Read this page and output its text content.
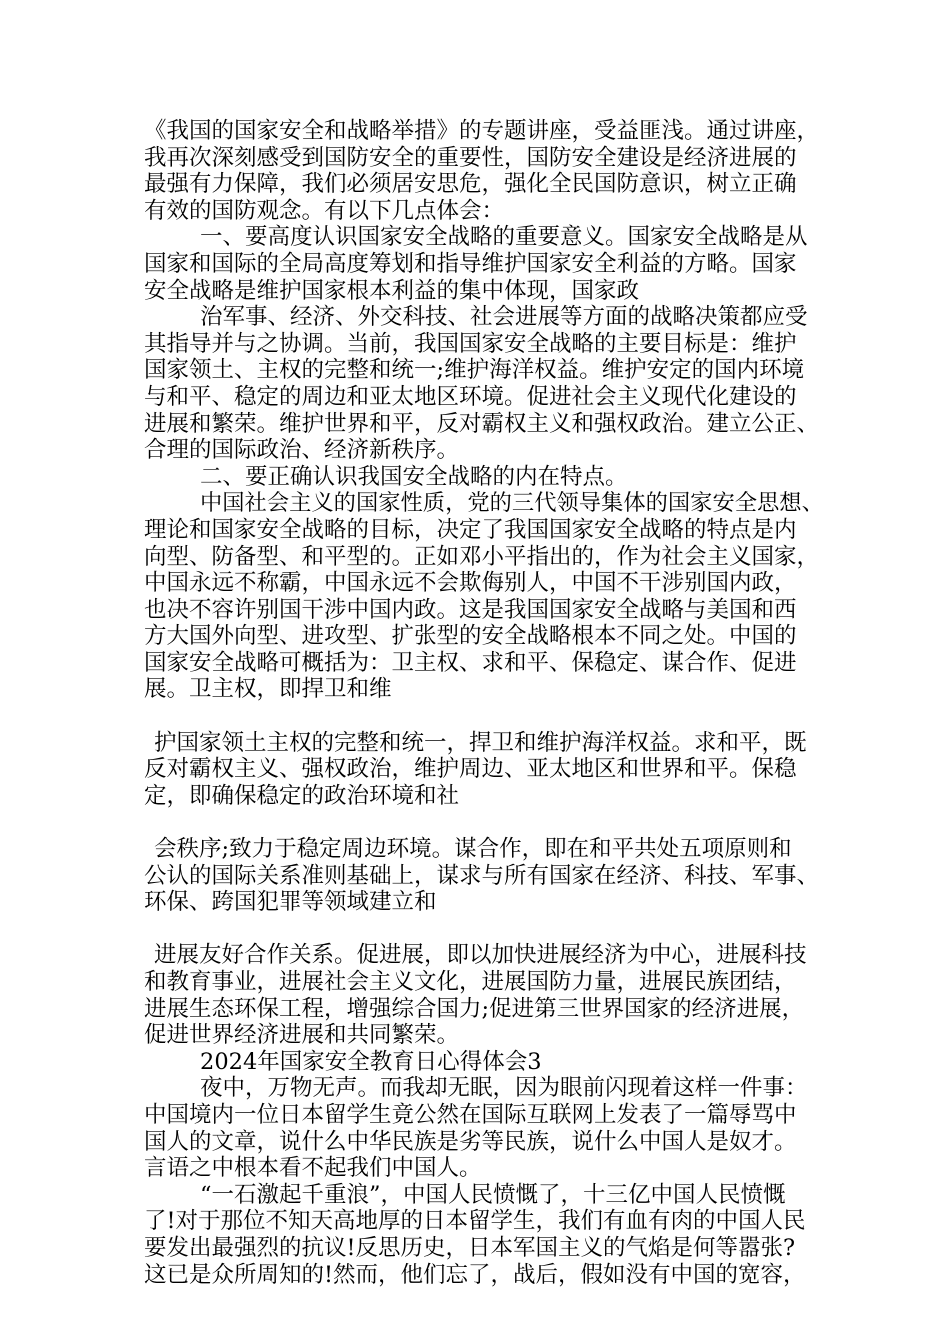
《我国的国家安全和战略举措》的专题讲座，受益匪浅。通过讲座，
我再次深刻感受到国防安全的重要性，国防安全建设是经济进展的
最强有力保障，我们必须居安思危，强化全民国防意识，树立正确
有效的国防观念。有以下几点体会：
一、要高度认识国家安全战略的重要意义。国家安全战略是从
国家和国际的全局高度筹划和指导维护国家安全利益的方略。国家
安全战略是维护国家根本利益的集中体现，国家政
治军事、经济、外交科技、社会进展等方面的战略决策都应受
其指导并与之协调。当前，我国国家安全战略的主要目标是：维护
国家领土、主权的完整和统一;维护海洋权益。维护安定的国内环境
与和平、稳定的周边和亚太地区环境。促进社会主义现代化建设的
进展和繁荣。维护世界和平，反对霸权主义和强权政治。建立公正、
合理的国际政治、经济新秩序。
二、要正确认识我国安全战略的内在特点。
中国社会主义的国家性质，党的三代领导集体的国家安全思想、
理论和国家安全战略的目标，决定了我国国家安全战略的特点是内
向型、防备型、和平型的。正如邓小平指出的，作为社会主义国家，
中国永远不称霸，中国永远不会欺侮别人，中国不干涉别国内政，
也决不容许别国干涉中国内政。这是我国国家安全战略与美国和西
方大国外向型、进攻型、扩张型的安全战略根本不同之处。中国的
国家安全战略可概括为：卫主权、求和平、保稳定、谋合作、促进
展。卫主权，即捍卫和维
护国家领土主权的完整和统一，捍卫和维护海洋权益。求和平，既
反对霸权主义、强权政治，维护周边、亚太地区和世界和平。保稳
定，即确保稳定的政治环境和社
会秩序;致力于稳定周边环境。谋合作，即在和平共处五项原则和
公认的国际关系准则基础上，谋求与所有国家在经济、科技、军事、
环保、跨国犯罪等领域建立和
进展友好合作关系。促进展，即以加快进展经济为中心，进展科技
和教育事业，进展社会主义文化，进展国防力量，进展民族团结，
进展生态环保工程，增强综合国力;促进第三世界国家的经济进展，
促进世界经济进展和共同繁荣。
2024年国家安全教育日心得体会3
夜中，万物无声。而我却无眠，因为眼前闪现着这样一件事：
中国境内一位日本留学生竟公然在国际互联网上发表了一篇辱骂中
国人的文章，说什么中华民族是劣等民族，说什么中国人是奴才。
言语之中根本看不起我们中国人。
“一石激起千重浪”，中国人民愤慨了，十三亿中国人民愤慨
了!对于那位不知天高地厚的日本留学生，我们有血有肉的中国人民
要发出最强烈的抗议!反思历史，日本军国主义的气焰是何等嚣张?
这已是众所周知的!然而，他们忘了，战后，假如没有中国的宽容，
